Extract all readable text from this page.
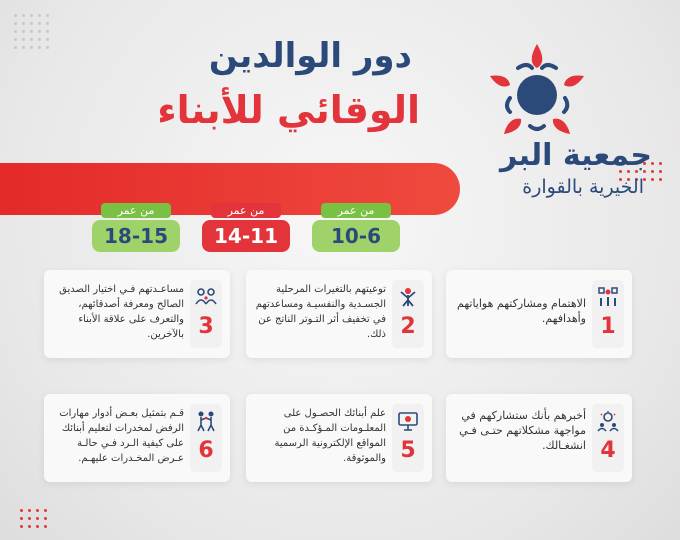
دور الوالدين
الوقائي للأبناء
جمعية البر
الخيرية بالقوارة
من عمر
10-6
من عمر
14-11
من عمر
18-15
1
الاهتمام ومشاركتهم هواياتهم وأهدافهم.
2
توعيتهم بالتغيرات المرحلية الجسـدية والنفسيـة ومساعدتهم في تخفيف أثر التـوتر الناتج عن ذلك.
3
مساعـدتهم فـي اختيار الصديق الصالح ومعرفة أصدقائهم، والتعرف على علاقة الأبناء بالآخرين.
4
أخبرهم بأنك ستشاركهم في مواجهة مشكلاتهم حتـى فـي انشغـالك.
5
علم أبنائك الحصـول على المعلـومات المـؤكـدة من المواقع الإلكترونية الرسمية والموثوقة.
6
قـم بتمثيل بعـض أدوار مهارات الرفض لمخدرات لتعليم أبنائك على كيفية الـرد فـي حالـة عـرض المخـدرات عليهـم.
